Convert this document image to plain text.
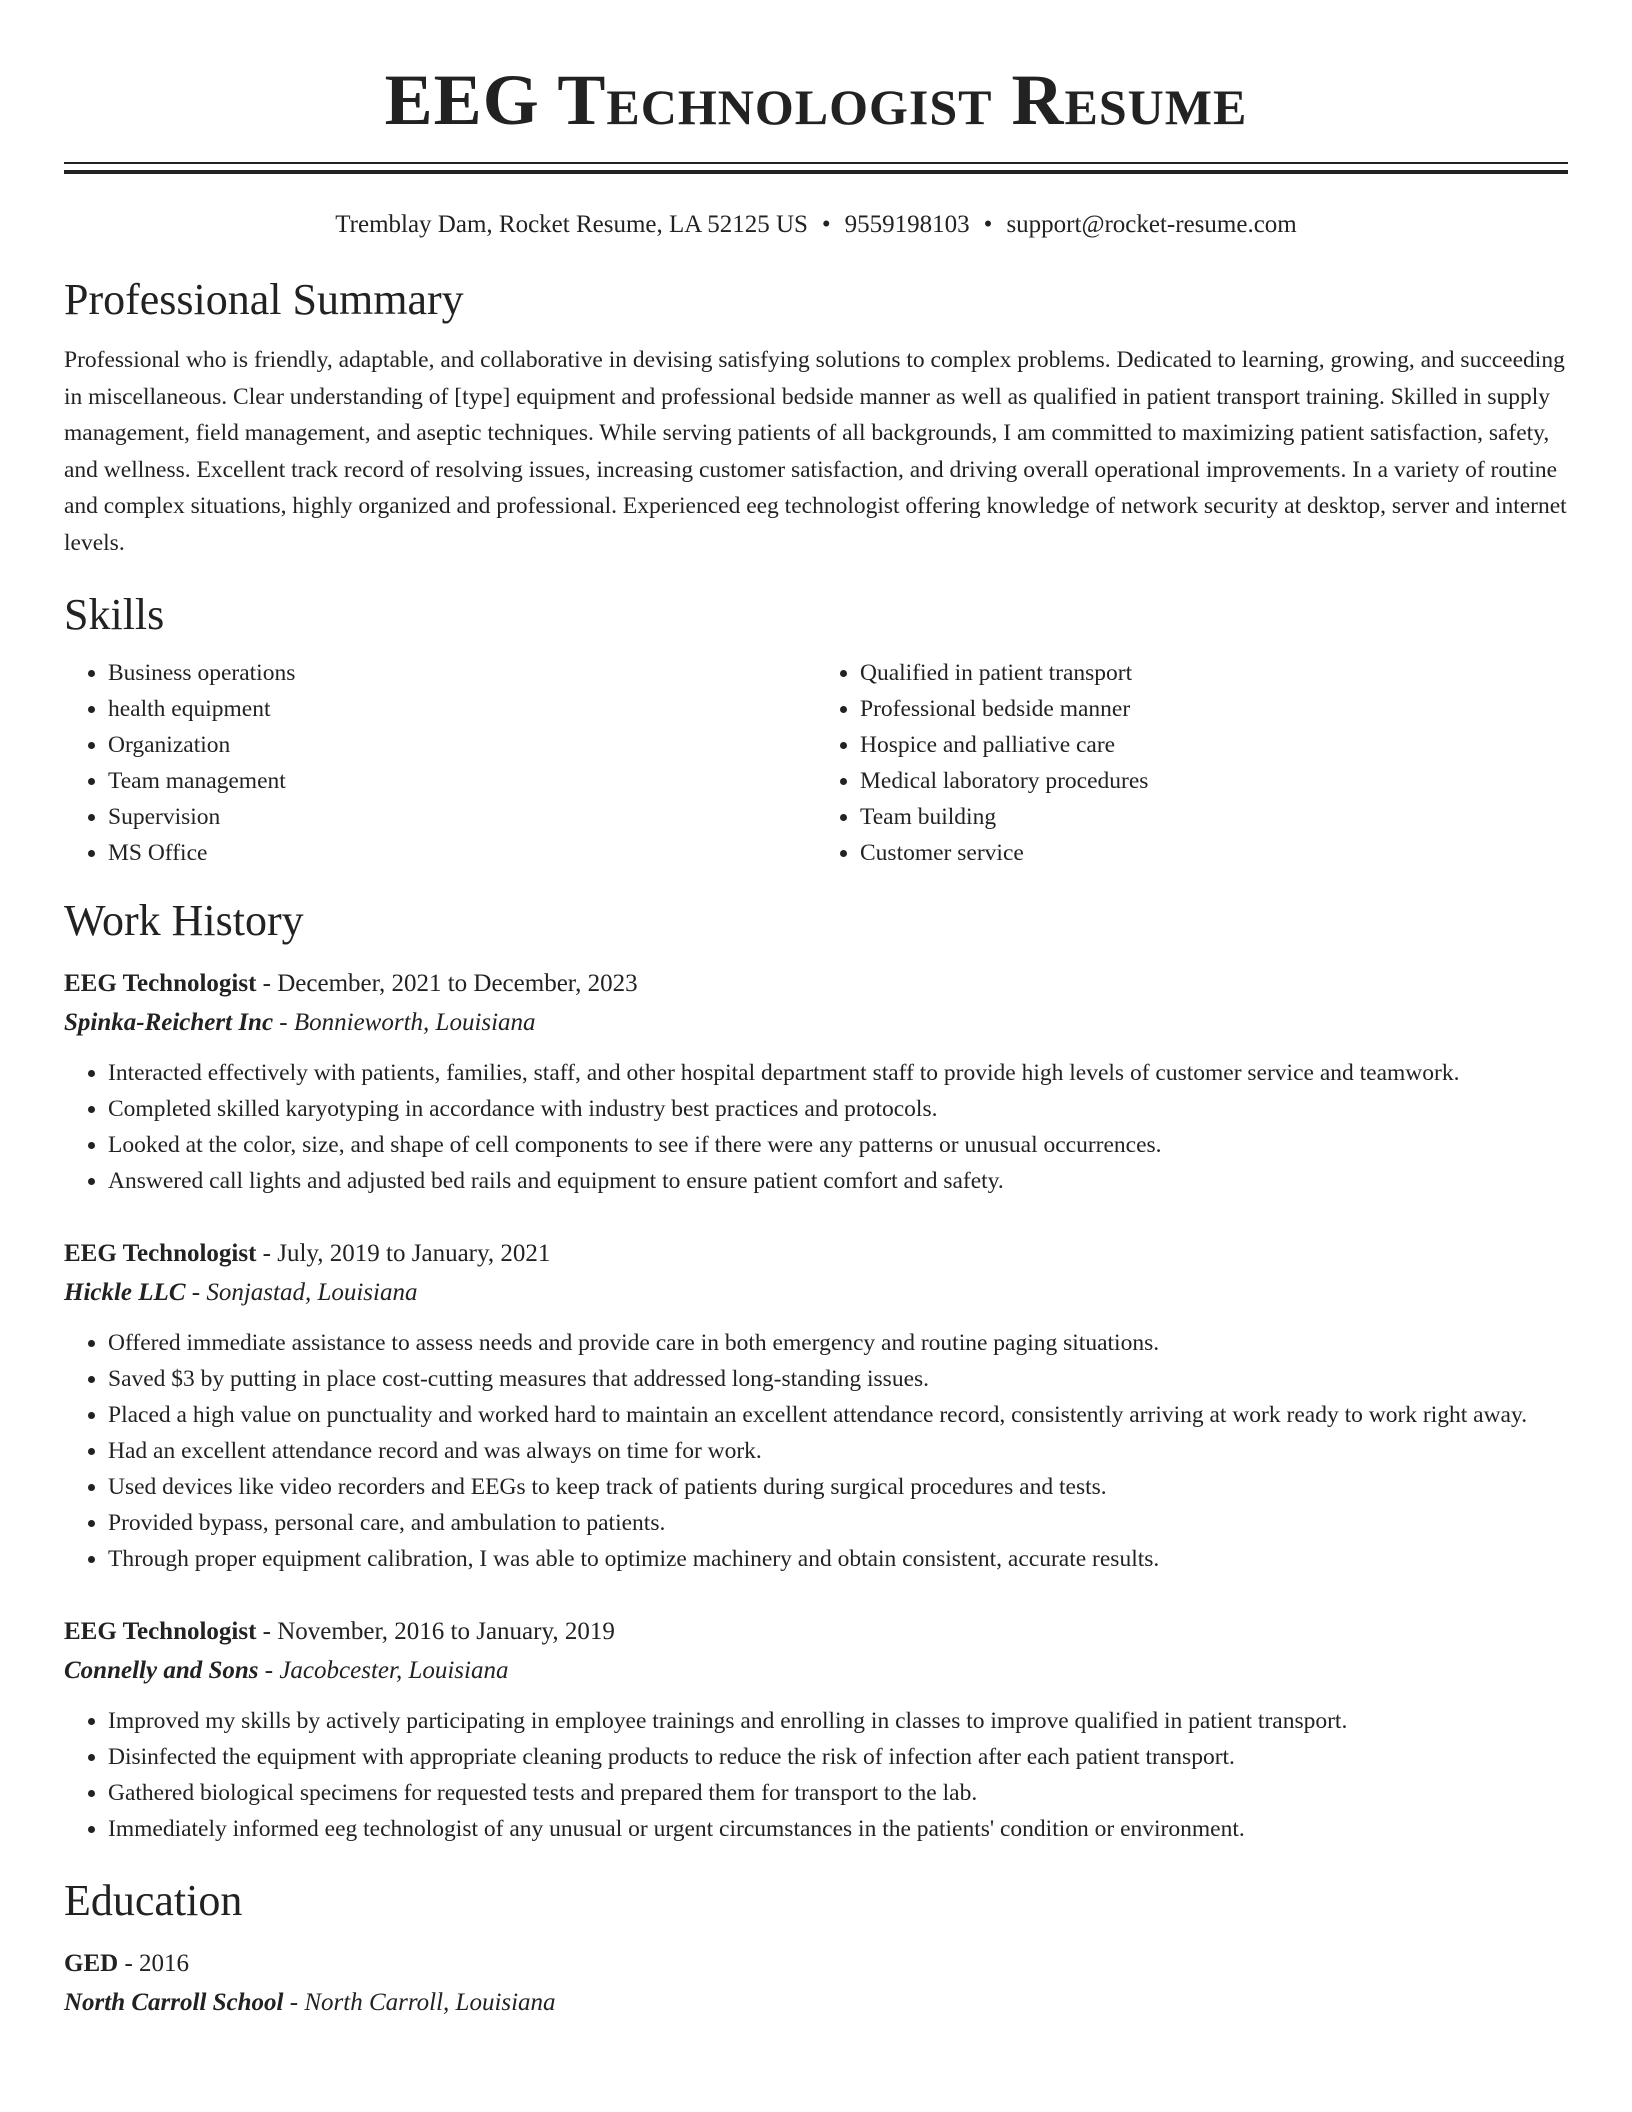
EEG Technologist Resume
Tremblay Dam, Rocket Resume, LA 52125 US • 9559198103 • support@rocket-resume.com
Professional Summary

Professional who is friendly, adaptable, and collaborative in devising satisfying solutions to complex problems. Dedicated to learning, growing, and succeeding in miscellaneous. Clear understanding of [type] equipment and professional bedside manner as well as qualified in patient transport training. Skilled in supply management, field management, and aseptic techniques. While serving patients of all backgrounds, I am committed to maximizing patient satisfaction, safety, and wellness. Excellent track record of resolving issues, increasing customer satisfaction, and driving overall operational improvements. In a variety of routine and complex situations, highly organized and professional. Experienced eeg technologist offering knowledge of network security at desktop, server and internet levels.

Skills
• Business operations
• health equipment
• Organization
• Team management
• Supervision
• MS Office
• Qualified in patient transport
• Professional bedside manner
• Hospice and palliative care
• Medical laboratory procedures
• Team building
• Customer service
Work History
EEG Technologist - December, 2021 to December, 2023
Spinka-Reichert Inc - Bonnieworth, Louisiana
• Interacted effectively with patients, families, staff, and other hospital department staff to provide high levels of customer service and teamwork.
• Completed skilled karyotyping in accordance with industry best practices and protocols.
• Looked at the color, size, and shape of cell components to see if there were any patterns or unusual occurrences.
• Answered call lights and adjusted bed rails and equipment to ensure patient comfort and safety.
EEG Technologist - July, 2019 to January, 2021
Hickle LLC - Sonjastad, Louisiana
• Offered immediate assistance to assess needs and provide care in both emergency and routine paging situations.
• Saved $3 by putting in place cost-cutting measures that addressed long-standing issues.
• Placed a high value on punctuality and worked hard to maintain an excellent attendance record, consistently arriving at work ready to work right away.
• Had an excellent attendance record and was always on time for work.
• Used devices like video recorders and EEGs to keep track of patients during surgical procedures and tests.
• Provided bypass, personal care, and ambulation to patients.
• Through proper equipment calibration, I was able to optimize machinery and obtain consistent, accurate results.
EEG Technologist - November, 2016 to January, 2019
Connelly and Sons - Jacobcester, Louisiana
• Improved my skills by actively participating in employee trainings and enrolling in classes to improve qualified in patient transport.
• Disinfected the equipment with appropriate cleaning products to reduce the risk of infection after each patient transport.
• Gathered biological specimens for requested tests and prepared them for transport to the lab.
• Immediately informed eeg technologist of any unusual or urgent circumstances in the patients' condition or environment.
Education
GED - 2016
North Carroll School - North Carroll, Louisiana
